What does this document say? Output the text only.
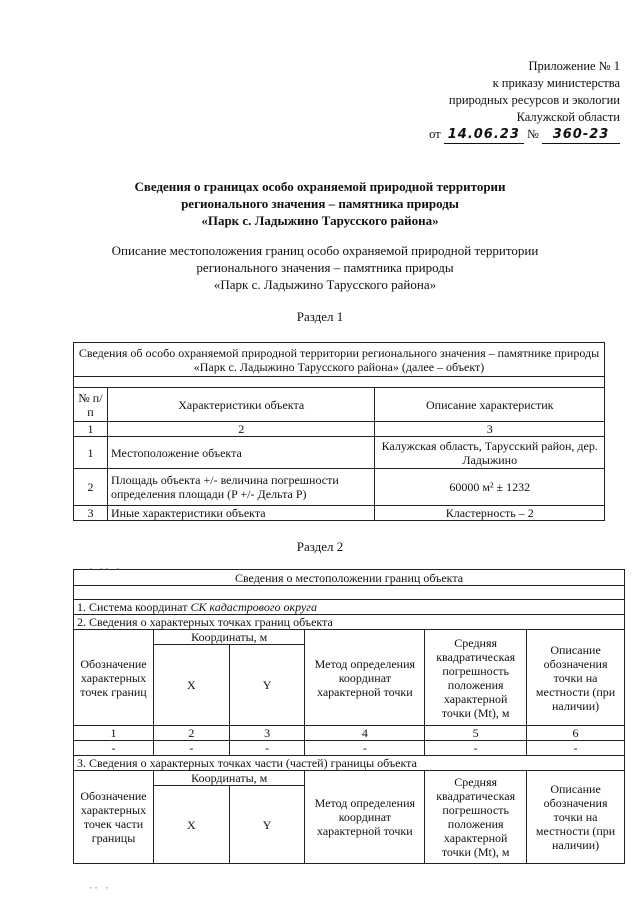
Приложение № 1
к приказу министерства
природных ресурсов и экологии
Калужской области
от 14.06.23 № 360-23
Сведения о границах особо охраняемой природной территории
регионального значения – памятника природы
«Парк с. Ладыжино Тарусского района»
Описание местоположения границ особо охраняемой природной территории
регионального значения – памятника природы
«Парк с. Ладыжино Тарусского района»
Раздел 1
Сведения об особо охраняемой природной территории регионального значения – памятнике природы «Парк с. Ладыжино Тарусского района» (далее – объект)		

№ п/п	Характеристики объекта	Описание характеристик
1	2	3
1	Местоположение объекта	Калужская область, Тарусский район, дер. Ладыжино
2	Площадь объекта +/- величина погрешности определения площади (P +/- Дельта P)	60000 м² ± 1232
3	Иные характеристики объекта	Кластерность – 2
Раздел 2
Сведения о местоположении границ объекта					

1. Система координат СК кадастрового округа					
2. Сведения о характерных точках границ объекта					
Обозначение характерных точек границ	Координаты, м		Метод определения координат характерной точки	Средняя квадратическая погрешность положения характерной точки (Mt), м	Описание обозначения точки на местности (при наличии)
	X	Y			
1	2	3	4	5	6
-	-	-	-	-	-
3. Сведения о характерных точках части (частей) границы объекта					
Обозначение характерных точек части границы	Координаты, м		Метод определения координат характерной точки	Средняя квадратическая погрешность положения характерной точки (Mt), м	Описание обозначения точки на местности (при наличии)
	X	Y			
- -- -
·· ·
